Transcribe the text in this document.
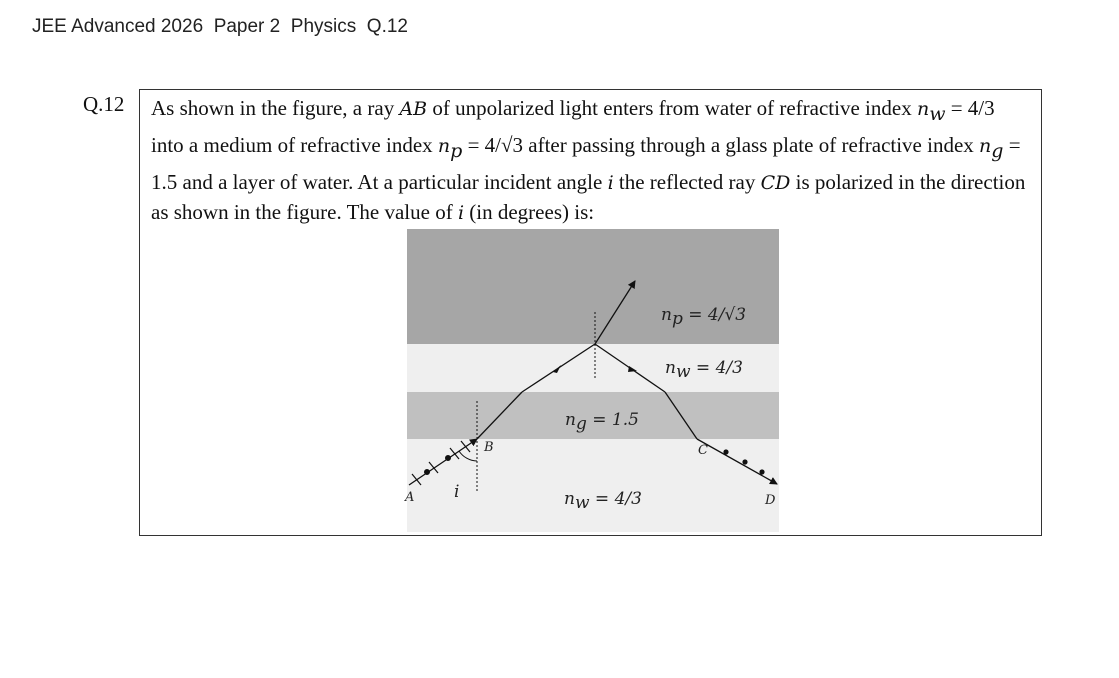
JEE Advanced 2026  Paper 2  Physics  Q.12
Q.12 As shown in the figure, a ray AB of unpolarized light enters from water of refractive index $n_w = 4/3$ into a medium of refractive index $n_p = 4/√3$ after passing through a glass plate of refractive index $n_g = 1.5$ and a layer of water. At a particular incident angle i the reflected ray CD is polarized in the direction as shown in the figure. The value of i (in degrees) is:
np = 4/√3
nw = 4/3
ng = 1.5
nw = 4/3
i
A
B	C
D
